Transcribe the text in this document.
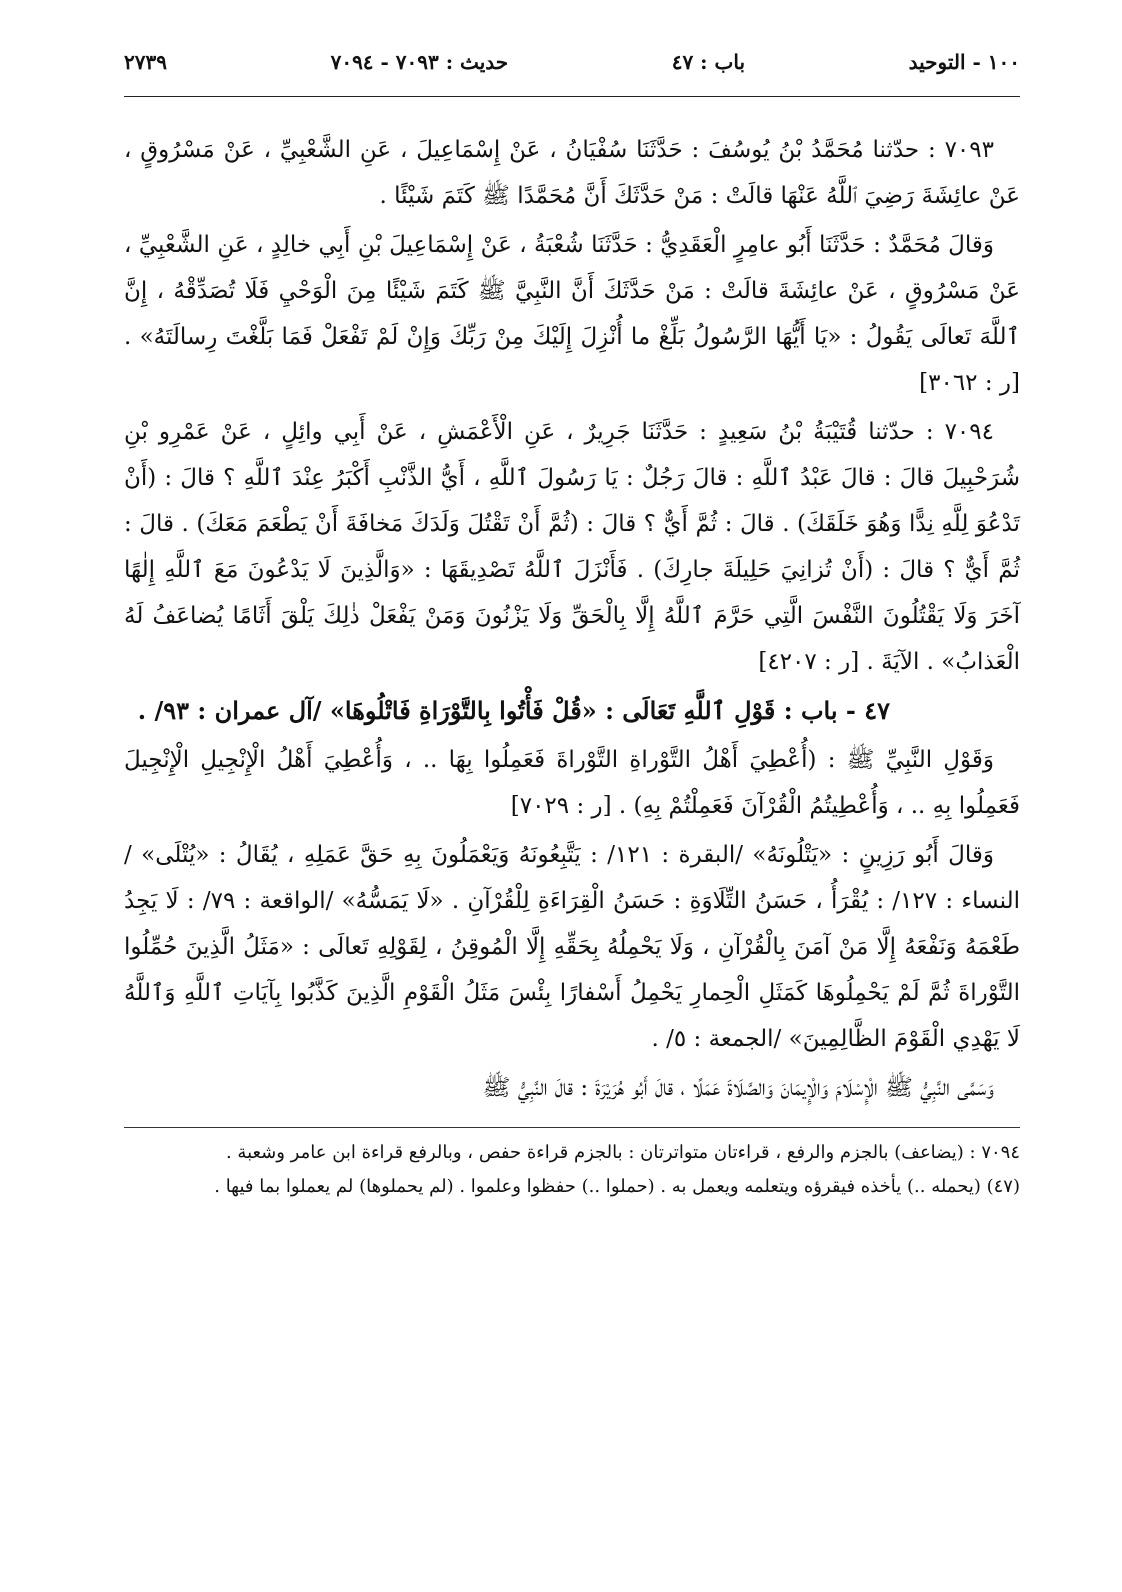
١٠٠ - التوحيد
باب : ٤٧
حديث : ٧٠٩٣ - ٧٠٩٤
٢٧٣٩

٧٠٩٣ : حدّثنا مُحَمَّدُ بْنُ يُوسُفَ : حَدَّثَنَا سُفْيَانُ ، عَنْ إِسْمَاعِيلَ ، عَنِ الشَّعْبِيِّ ، عَنْ مَسْرُوقٍ ، عَنْ عائِشَةَ رَضِيَ ٱللَّهُ عَنْهَا قالَتْ : مَنْ حَدَّثَكَ أَنَّ مُحَمَّدًا ﷺ كَتَمَ شَيْئًا .

وَقالَ مُحَمَّدٌ : حَدَّثَنَا أَبُو عامِرٍ الْعَقَدِيُّ : حَدَّثَنَا شُعْبَةُ ، عَنْ إِسْمَاعِيلَ بْنِ أَبِي خالِدٍ ، عَنِ الشَّعْبِيِّ ، عَنْ مَسْرُوقٍ ، عَنْ عائِشَةَ قالَتْ : مَنْ حَدَّثَكَ أَنَّ النَّبِيَّ ﷺ كَتَمَ شَيْئًا مِنَ الْوَحْيِ فَلَا تُصَدِّقْهُ ، إِنَّ ٱللَّهَ تَعالَى يَقُولُ : «يَا أَيُّهَا الرَّسُولُ بَلِّغْ ما أُنْزِلَ إِلَيْكَ مِنْ رَبِّكَ وَإِنْ لَمْ تَفْعَلْ فَمَا بَلَّغْتَ رِسالَتَهُ» . [ر : ٣٠٦٢]

٧٠٩٤ : حدّثنا قُتَيْبَةُ بْنُ سَعِيدٍ : حَدَّثَنَا جَرِيرٌ ، عَنِ الْأَعْمَشِ ، عَنْ أَبِي وائِلٍ ، عَنْ عَمْرِو بْنِ شُرَحْبِيلَ قالَ : قالَ عَبْدُ ٱللَّهِ : قالَ رَجُلٌ : يَا رَسُولَ ٱللَّهِ ، أَيُّ الذَّنْبِ أَكْبَرُ عِنْدَ ٱللَّهِ ؟ قالَ : (أَنْ تَدْعُوَ لِلَّهِ نِدًّا وَهُوَ خَلَقَكَ) . قالَ : ثُمَّ أَيٌّ ؟ قالَ : (ثُمَّ أَنْ تَقْتُلَ وَلَدَكَ مَخافَةَ أَنْ يَطْعَمَ مَعَكَ) . قالَ : ثُمَّ أَيٌّ ؟ قالَ : (أَنْ تُزانِيَ حَلِيلَةَ جارِكَ) . فَأَنْزَلَ ٱللَّهُ تَصْدِيقَهَا : «وَالَّذِينَ لَا يَدْعُونَ مَعَ ٱللَّهِ إِلٰهًا آخَرَ وَلَا يَقْتُلُونَ النَّفْسَ الَّتِي حَرَّمَ ٱللَّهُ إِلَّا بِالْحَقِّ وَلَا يَزْنُونَ وَمَنْ يَفْعَلْ ذٰلِكَ يَلْقَ أَثَامًا يُضاعَفُ لَهُ الْعَذابُ» . الآيَةَ . [ر : ٤٢٠٧]

٤٧ - باب : قَوْلِ ٱللَّهِ تَعَالَى : «قُلْ فَأْتُوا بِالتَّوْرَاةِ فَاتْلُوهَا» /آل عمران : ٩٣/ .

وَقَوْلِ النَّبِيِّ ﷺ : (أُعْطِيَ أَهْلُ التَّوْراةِ التَّوْراةَ فَعَمِلُوا بِهَا .. ، وَأُعْطِيَ أَهْلُ الْإِنْجِيلِ الْإِنْجِيلَ فَعَمِلُوا بِهِ .. ، وَأُعْطِيتُمُ الْقُرْآنَ فَعَمِلْتُمْ بِهِ) . [ر : ٧٠٢٩]

وَقالَ أَبُو رَزِينٍ : «يَتْلُونَهُ» /البقرة : ١٢١/ : يَتَّبِعُونَهُ وَيَعْمَلُونَ بِهِ حَقَّ عَمَلِهِ ، يُقَالُ : «يُتْلَى» /النساء : ١٢٧/ : يُقْرَأُ ، حَسَنُ التِّلَاوَةِ : حَسَنُ الْقِرَاءَةِ لِلْقُرْآنِ . «لَا يَمَسُّهُ» /الواقعة : ٧٩/ : لَا يَجِدُ طَعْمَهُ وَنَفْعَهُ إِلَّا مَنْ آمَنَ بِالْقُرْآنِ ، وَلَا يَحْمِلُهُ بِحَقِّهِ إِلَّا الْمُوقِنُ ، لِقَوْلِهِ تَعالَى : «مَثَلُ الَّذِينَ حُمِّلُوا التَّوْراةَ ثُمَّ لَمْ يَحْمِلُوهَا كَمَثَلِ الْحِمارِ يَحْمِلُ أَسْفارًا بِئْسَ مَثَلُ الْقَوْمِ الَّذِينَ كَذَّبُوا بِآيَاتِ ٱللَّهِ وَٱللَّهُ لَا يَهْدِي الْقَوْمَ الظَّالِمِينَ» /الجمعة : ٥/ .

وَسَمَّى النَّبِيُّ ﷺ الْإِسْلَامَ وَالْإِيمَانَ وَالصَّلَاةَ عَمَلًا ، قالَ أَبُو هُرَيْرَةَ : قالَ النَّبِيُّ ﷺ

٧٠٩٤ : (يضاعف) بالجزم والرفع ، قراءتان متواترتان : بالجزم قراءة حفص ، وبالرفع قراءة ابن عامر وشعبة .

(٤٧) (يحمله ..) يأخذه فيقرؤه ويتعلمه ويعمل به . (حملوا ..) حفظوا وعلموا . (لم يحملوها) لم يعملوا بما فيها .
